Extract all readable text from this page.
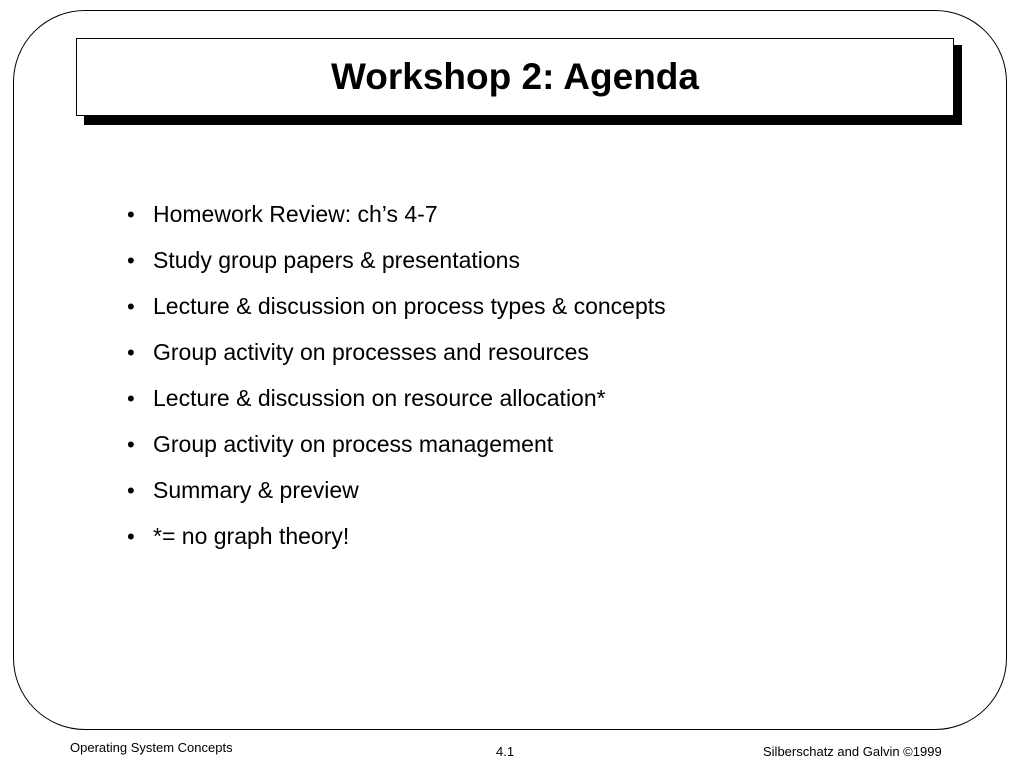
Workshop 2: Agenda
• Homework Review: ch’s 4-7
• Study group papers & presentations
• Lecture & discussion on process types & concepts
• Group activity on processes and resources
• Lecture & discussion on resource allocation*
• Group activity on process management
• Summary & preview
• *= no graph theory!
Operating System Concepts	4.1	Silberschatz and Galvin ©1999
